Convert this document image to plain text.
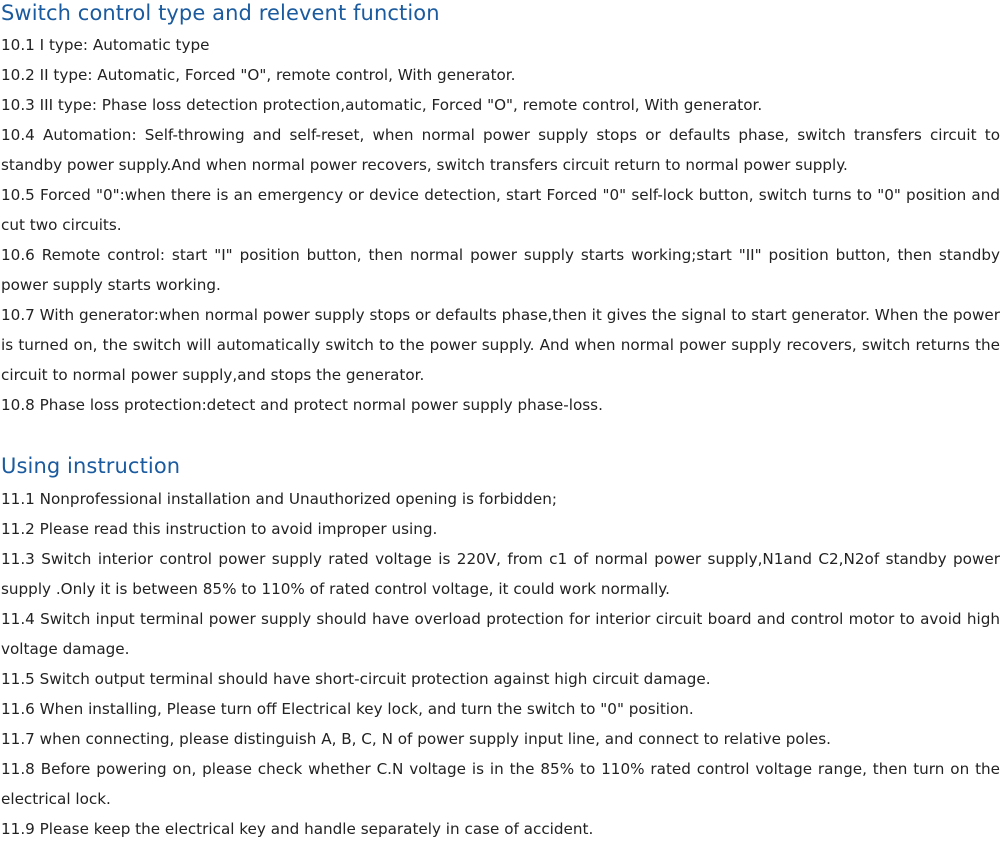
Switch control type and relevent function

10.1 I type: Automatic type

10.2 II type: Automatic, Forced "O", remote control, With generator.

10.3 III type: Phase loss detection protection,automatic, Forced "O", remote control, With generator.

10.4 Automation: Self-throwing and self-reset, when normal power supply stops or defaults phase, switch transfers circuit to standby power supply.And when normal power recovers, switch transfers circuit return to normal power supply.

10.5 Forced "0":when there is an emergency or device detection, start Forced "0" self-lock button, switch turns to "0" position and cut two circuits.

10.6 Remote control: start "I" position button, then normal power supply starts working;start "II" position button, then standby power supply starts working.

10.7 With generator:when normal power supply stops or defaults phase,then it gives the signal to start generator. When the power is turned on, the switch will automatically switch to the power supply. And when normal power supply recovers, switch returns the circuit to normal power supply,and stops the generator.

10.8 Phase loss protection:detect and protect normal power supply phase-loss.

Using instruction

11.1 Nonprofessional installation and Unauthorized opening is forbidden;

11.2 Please read this instruction to avoid improper using.

11.3 Switch interior control power supply rated voltage is 220V, from c1 of normal power supply,N1and C2,N2of standby power supply .Only it is between 85% to 110% of rated control voltage, it could work normally.

11.4 Switch input terminal power supply should have overload protection for interior circuit board and control motor to avoid high voltage damage.

11.5 Switch output terminal should have short-circuit protection against high circuit damage.

11.6 When installing, Please turn off Electrical key lock, and turn the switch to "0" position.

11.7 when connecting, please distinguish A, B, C, N of power supply input line, and connect to relative poles.

11.8 Before powering on, please check whether C.N voltage is in the 85% to 110% rated control voltage range, then turn on the electrical lock.

11.9 Please keep the electrical key and handle separately in case of accident.
